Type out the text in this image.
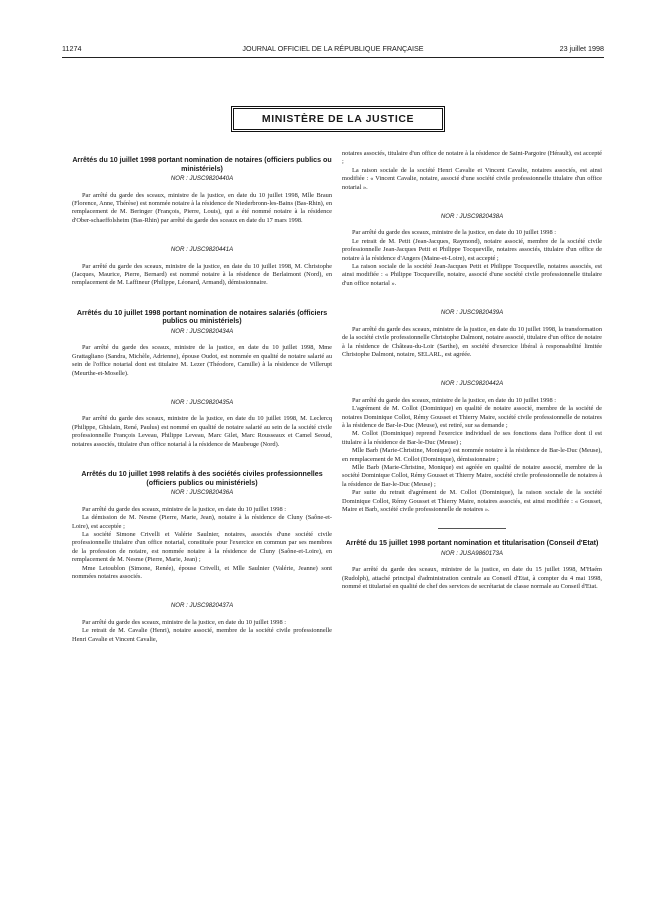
11274	JOURNAL OFFICIEL DE LA RÉPUBLIQUE FRANÇAISE	23 juillet 1998
MINISTÈRE DE LA JUSTICE
Arrêtés du 10 juillet 1998 portant nomination de notaires (officiers publics ou ministériels)
NOR : JUSC9820440A

Par arrêté du garde des sceaux, ministre de la justice, en date du 10 juillet 1998, Mlle Braun (Florence, Anne, Thérèse) est nommée notaire à la résidence de Niederbronn-les-Bains (Bas-Rhin), en remplacement de M. Beringer (François, Pierre, Louis), qui a été nommé notaire à la résidence d'Ober-schaeffolsheim (Bas-Rhin) par arrêté du garde des sceaux en date du 17 mars 1998.

NOR : JUSC9820441A

Par arrêté du garde des sceaux, ministre de la justice, en date du 10 juillet 1998, M. Christophe (Jacques, Maurice, Pierre, Bernard) est nommé notaire à la résidence de Berlaimont (Nord), en remplacement de M. Laffineur (Philippe, Léonard, Armand), démissionnaire.

Arrêtés du 10 juillet 1998 portant nomination de notaires salariés (officiers publics ou ministériels)
NOR : JUSC9820434A

Par arrêté du garde des sceaux, ministre de la justice, en date du 10 juillet 1998, Mme Grattagliano (Sandra, Michèle, Adrienne), épouse Oudot, est nommée en qualité de notaire salarié au sein de l'office notarial dont est titulaire M. Lezer (Théodore, Camille) à la résidence de Villerupt (Meurthe-et-Moselle).

NOR : JUSC9820435A

Par arrêté du garde des sceaux, ministre de la justice, en date du 10 juillet 1998, M. Leclercq (Philippe, Ghislain, René, Paulus) est nommé en qualité de notaire salarié au sein de la société civile professionnelle François Leveau, Philippe Leveau, Marc Gilet, Marc Rousseaux et Camel Seoud, notaires associés, titulaire d'un office notarial à la résidence de Maubeuge (Nord).

Arrêtés du 10 juillet 1998 relatifs à des sociétés civiles professionnelles (officiers publics ou ministériels)
NOR : JUSC9820436A

Par arrêté du garde des sceaux, ministre de la justice, en date du 10 juillet 1998 :

La démission de M. Nesme (Pierre, Marie, Jean), notaire à la résidence de Cluny (Saône-et-Loire), est acceptée ;

La société Simone Crivelli et Valérie Saulnier, notaires, associés d'une société civile professionnelle titulaire d'un office notarial, constituée pour l'exercice en commun par ses membres de la profession de notaire, est nommée notaire à la résidence de Cluny (Saône-et-Loire), en remplacement de M. Nesme (Pierre, Marie, Jean) ;

Mme Letoublon (Simone, Renée), épouse Crivelli, et Mlle Saulnier (Valérie, Jeanne) sont nommées notaires associés.

NOR : JUSC9820437A

Par arrêté du garde des sceaux, ministre de la justice, en date du 10 juillet 1998 :

Le retrait de M. Cavalie (Henri), notaire associé, membre de la société civile professionnelle Henri Cavalie et Vincent Cavalie,

notaires associés, titulaire d'un office de notaire à la résidence de Saint-Pargoire (Hérault), est accepté ;

La raison sociale de la société Henri Cavalie et Vincent Cavalie, notaires associés, est ainsi modifiée : « Vincent Cavalie, notaire, associé d'une société civile professionnelle titulaire d'un office notarial ».

NOR : JUSC9820438A

Par arrêté du garde des sceaux, ministre de la justice, en date du 10 juillet 1998 :

Le retrait de M. Petit (Jean-Jacques, Raymond), notaire associé, membre de la société civile professionnelle Jean-Jacques Petit et Philippe Tocqueville, notaires associés, titulaire d'un office de notaire à la résidence d'Angers (Maine-et-Loire), est accepté ;

La raison sociale de la société Jean-Jacques Petit et Philippe Tocqueville, notaires associés, est ainsi modifiée : « Philippe Tocqueville, notaire, associé d'une société civile professionnelle titulaire d'un office notarial ».

NOR : JUSC9820439A

Par arrêté du garde des sceaux, ministre de la justice, en date du 10 juillet 1998, la transformation de la société civile professionnelle Christophe Dalmont, notaire associé, titulaire d'un office de notaire à la résidence de Château-du-Loir (Sarthe), en société d'exercice libéral à responsabilité limitée Christophe Dalmont, notaire, SELARL, est agréée.

NOR : JUSC9820442A

Par arrêté du garde des sceaux, ministre de la justice, en date du 10 juillet 1998 :

L'agrément de M. Collot (Dominique) en qualité de notaire associé, membre de la société de notaires Dominique Collot, Rémy Gousset et Thierry Maire, société civile professionnelle de notaires à la résidence de Bar-le-Duc (Meuse), est retiré, sur sa demande ;

M. Collot (Dominique) reprend l'exercice individuel de ses fonctions dans l'office dont il est titulaire à la résidence de Bar-le-Duc (Meuse) ;

Mlle Barb (Marie-Christine, Monique) est nommée notaire à la résidence de Bar-le-Duc (Meuse), en remplacement de M. Collot (Dominique), démissionnaire ;

Mlle Barb (Marie-Christine, Monique) est agréée en qualité de notaire associé, membre de la société Dominique Collot, Rémy Gousset et Thierry Maire, société civile professionnelle de notaires à la résidence de Bar-le-Duc (Meuse) ;

Par suite du retrait d'agrément de M. Collot (Dominique), la raison sociale de la société Dominique Collot, Rémy Gousset et Thierry Maire, notaires associés, est ainsi modifiée : « Gousset, Maire et Barb, société civile professionnelle de notaires ».

Arrêté du 15 juillet 1998 portant nomination et titularisation (Conseil d'Etat)
NOR : JUSA9860173A

Par arrêté du garde des sceaux, ministre de la justice, en date du 15 juillet 1998, M'Haém (Rudolph), attaché principal d'administration centrale au Conseil d'Etat, à compter du 4 mai 1998, nommé et titularisé en qualité de chef des services de secrétariat de classe normale au Conseil d'Etat.
